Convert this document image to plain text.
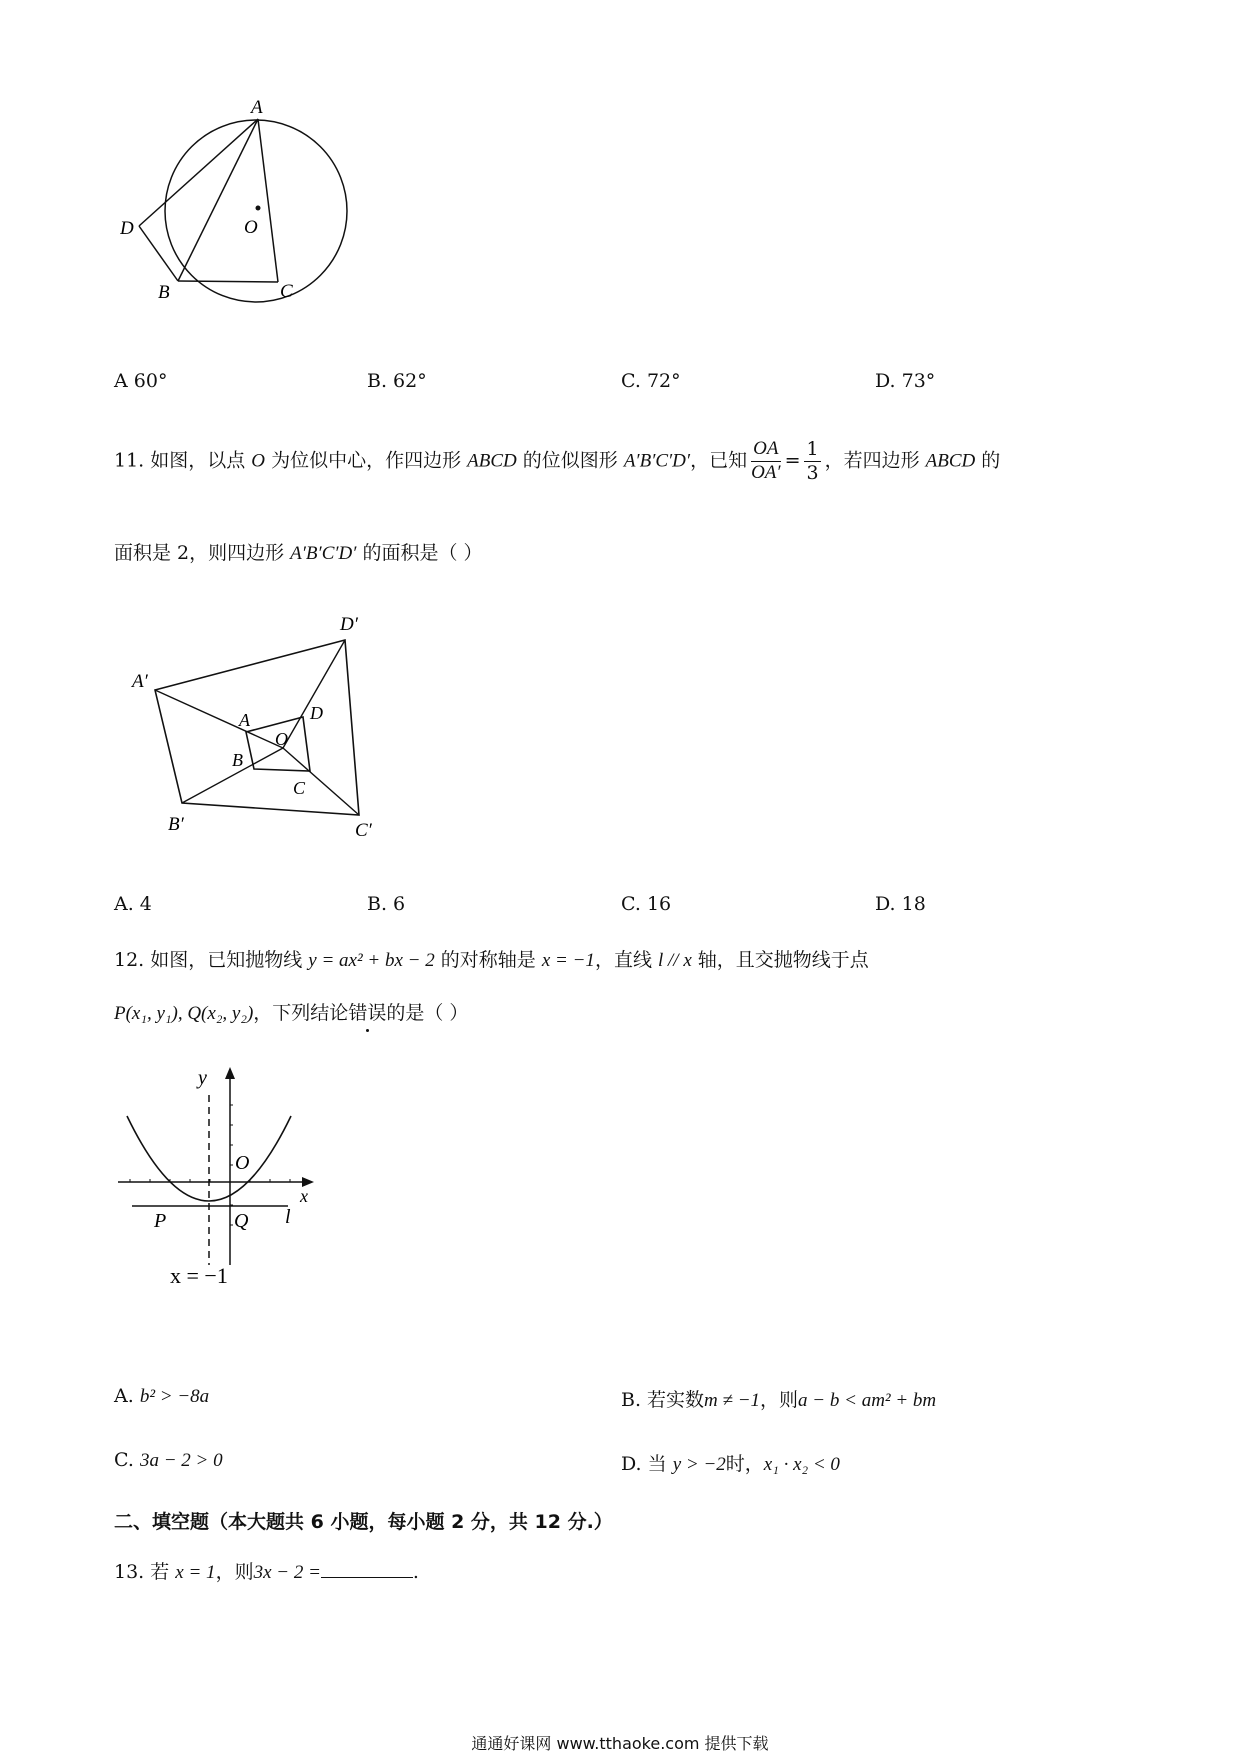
A
D	O
B	C
A 60°	B. 62°	C. 72°	D. 73°
11. 如图，以点 O 为位似中心，作四边形 ABCD 的位似图形 A′B′C′D′，已知 $\frac{OA}{OA'} = \frac{1}{3}$ ，若四边形 ABCD 的
面积是 2，则四边形 A′B′C′D′ 的面积是（ ）
A′
D′
B′	C′
A	D
O
B
C
A. 4	B. 6	C. 16	D. 18
12. 如图，已知抛物线 y = ax² + bx − 2 的对称轴是 x = −1，直线 l // x 轴，且交抛物线于点
P(x₁, y₁), Q(x₂, y₂)，下列结论错误的是（ ）
y
x
O
P	Q l
x = −1
A. b² > −8a	B. 若实数m ≠ −1，则a − b < am² + bm
C. 3a − 2 > 0	D. 当 y > −2时，x₁ · x₂ < 0
二、填空题（本大题共 6 小题，每小题 2 分，共 12 分.）
13. 若 x = 1，则3x − 2 =	.
通通好课网 www.tthaoke.com 提供下载
